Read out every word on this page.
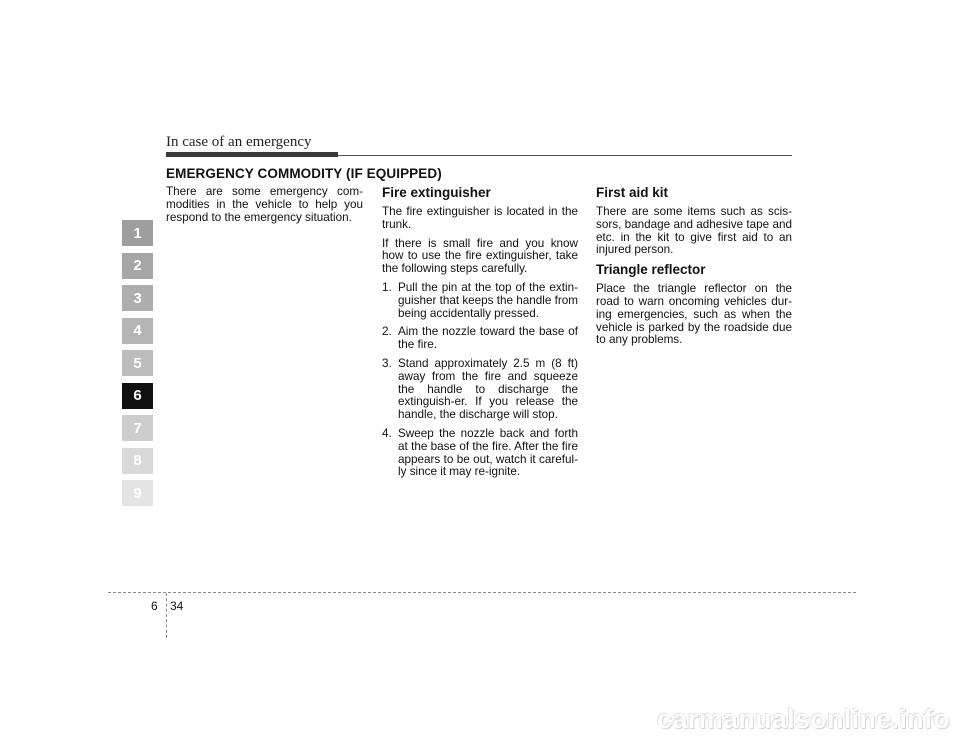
In case of an emergency
EMERGENCY COMMODITY (IF EQUIPPED)

There are some emergency com-modities in the vehicle to help you respond to the emergency situation.

Fire extinguisher

The fire extinguisher is located in the trunk.

If there is small fire and you know how to use the fire extinguisher, take the following steps carefully.

1. Pull the pin at the top of the extin-guisher that keeps the handle from being accidentally pressed.
2. Aim the nozzle toward the base of the fire.
3. Stand approximately 2.5 m (8 ft) away from the fire and squeeze the handle to discharge the extinguish-er. If you release the handle, the discharge will stop.
4. Sweep the nozzle back and forth at the base of the fire. After the fire appears to be out, watch it careful-ly since it may re-ignite.
First aid kit

There are some items such as scis-sors, bandage and adhesive tape and etc. in the kit to give first aid to an injured person.

Triangle reflector

Place the triangle reflector on the road to warn oncoming vehicles dur-ing emergencies, such as when the vehicle is parked by the roadside due to any problems.

1
2
3
4
5
6
7
8
9
6 34
carmanualsonline.info
